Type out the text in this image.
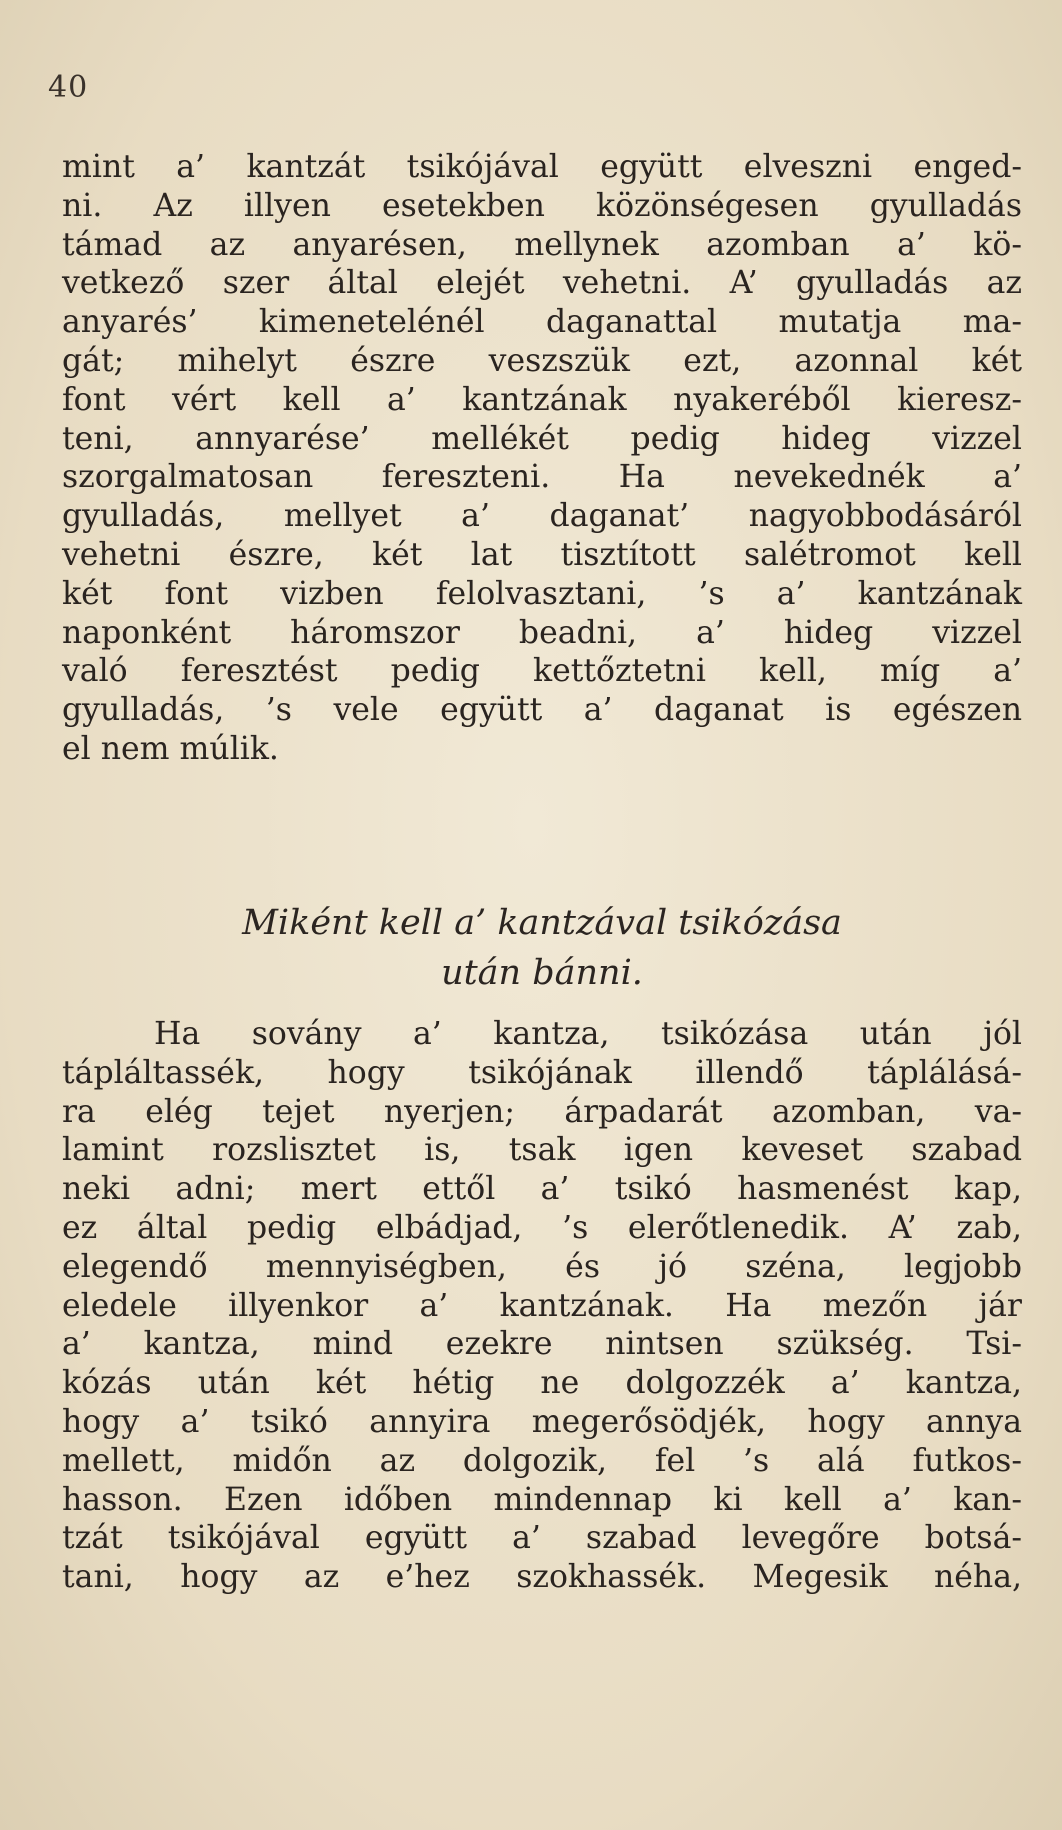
40
mint a’ kantzát tsikójával együtt elveszni enged-
ni. Az illyen esetekben közönségesen gyulladás
támad az anyarésen, mellynek azomban a’ kö-
vetkező szer által elejét vehetni. A’ gyulladás az
anyarés’ kimenetelénél daganattal mutatja ma-
gát; mihelyt észre veszszük ezt, azonnal két
font vért kell a’ kantzának nyakeréből kieresz-
teni, annyarése’ mellékét pedig hideg vizzel
szorgalmatosan fereszteni. Ha nevekednék a’
gyulladás, mellyet a’ daganat’ nagyobbodásáról
vehetni észre, két lat tisztított salétromot kell
két font vizben felolvasztani, ’s a’ kantzának
naponként háromszor beadni, a’ hideg vizzel
való feresztést pedig kettőztetni kell, míg a’
gyulladás, ’s vele együtt a’ daganat is egészen
el nem múlik.
Miként kell a’ kantzával tsikózása
után bánni.
Ha sovány a’ kantza, tsikózása után jól
tápláltassék, hogy tsikójának illendő táplálásá-
ra elég tejet nyerjen; árpadarát azomban, va-
lamint rozslisztet is, tsak igen keveset szabad
neki adni; mert ettől a’ tsikó hasmenést kap,
ez által pedig elbádjad, ’s elerőtlenedik. A’ zab,
elegendő mennyiségben, és jó széna, legjobb
eledele illyenkor a’ kantzának. Ha mezőn jár
a’ kantza, mind ezekre nintsen szükség. Tsi-
kózás után két hétig ne dolgozzék a’ kantza,
hogy a’ tsikó annyira megerősödjék, hogy annya
mellett, midőn az dolgozik, fel ’s alá futkos-
hasson. Ezen időben mindennap ki kell a’ kan-
tzát tsikójával együtt a’ szabad levegőre botsá-
tani, hogy az e’hez szokhassék. Megesik néha,
